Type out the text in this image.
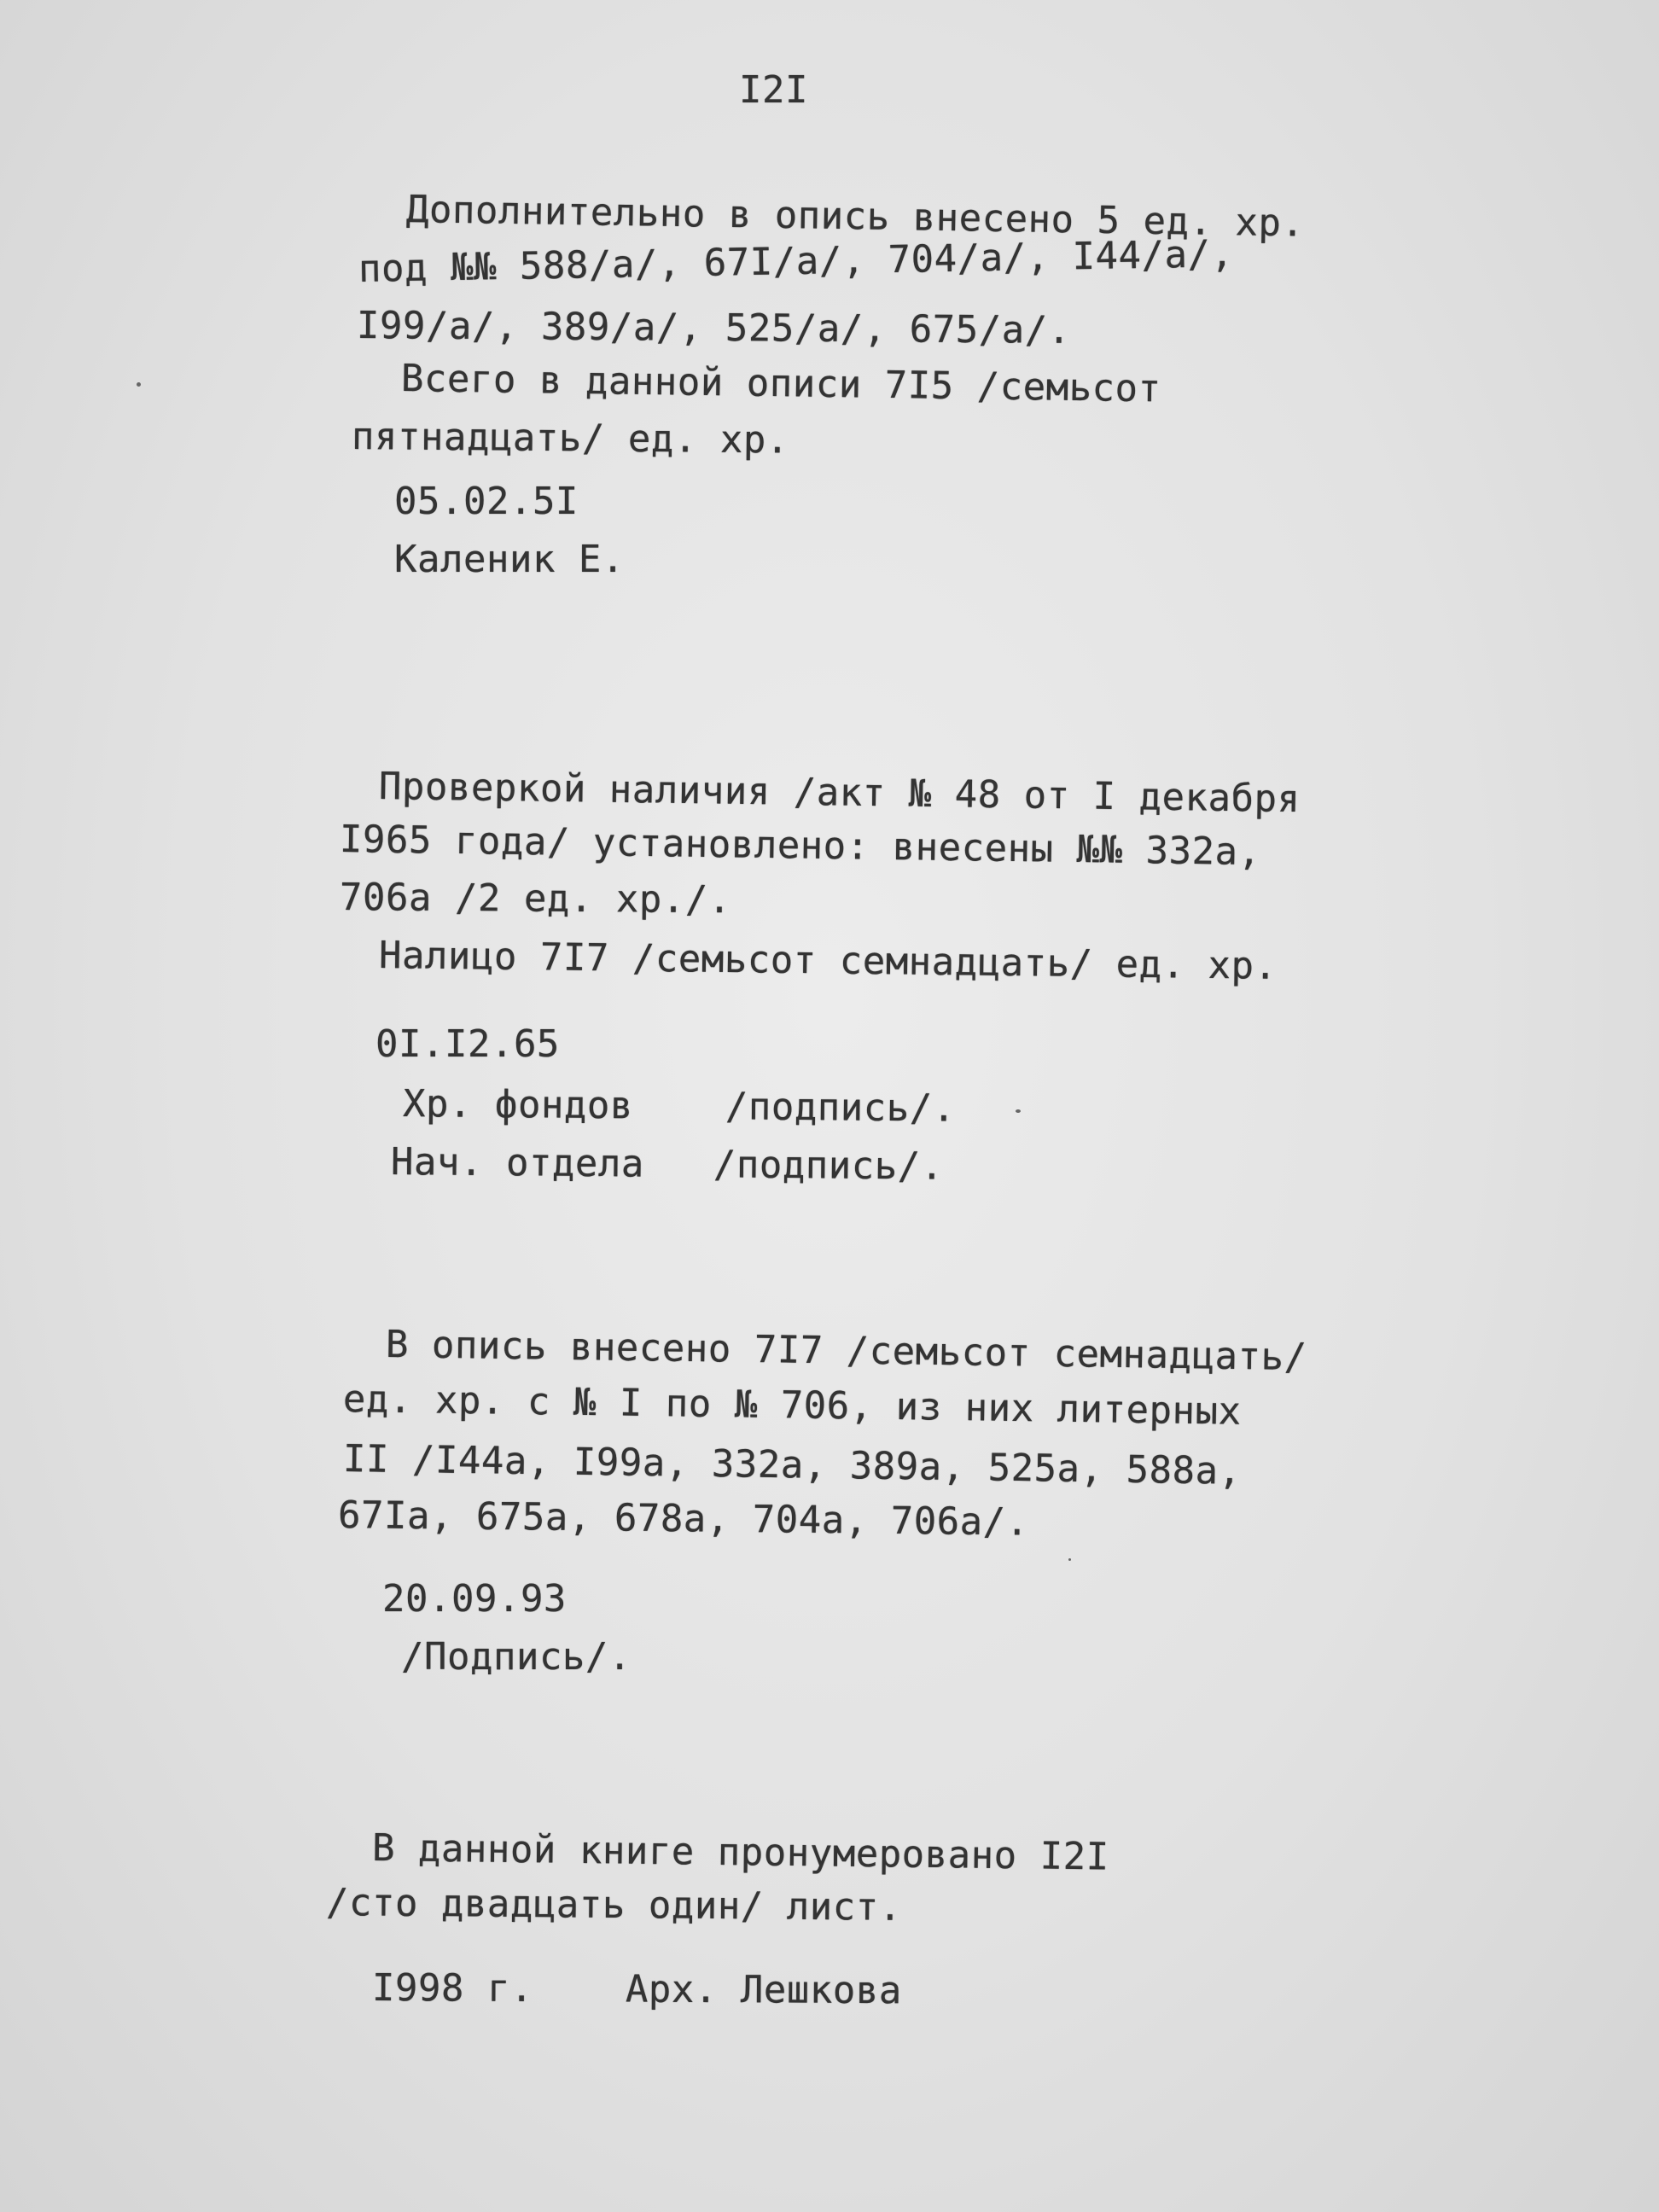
I2I
Дополнительно в опись внесено 5 ед. хр.
под №№ 588/а/, 67I/а/, 704/а/, I44/а/,
I99/а/, 389/а/, 525/а/, 675/а/.
Всего в данной описи 7I5 /семьсот
пятнадцать/ ед. хр.
05.02.5I
Каленик Е.
Проверкой наличия /акт № 48 от I декабря
I965 года/ установлено: внесены №№ 332а,
706а /2 ед. хр./.
Налицо 7I7 /семьсот семнадцать/ ед. хр.
0I.I2.65
Хр. фондов    /подпись/.
Нач. отдела   /подпись/.
В опись внесено 7I7 /семьсот семнадцать/
ед. хр. с № I по № 706, из них литерных
II /I44а, I99а, 332а, 389а, 525а, 588а,
67Iа, 675а, 678а, 704а, 706а/.
20.09.93
/Подпись/.
В данной книге пронумеровано I2I
/сто двадцать один/ лист.
I998 г.    Арх. Лешкова
